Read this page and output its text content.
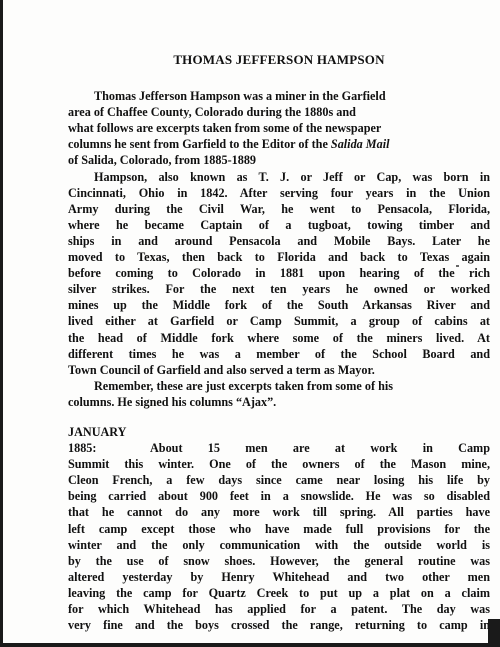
THOMAS JEFFERSON HAMPSON

Thomas Jefferson Hampson was a miner in the Garfield
area of Chaffee County, Colorado during the 1880s and
what follows are excerpts taken from some of the newspaper
columns he sent from Garfield to the Editor of the Salida Mail
of Salida, Colorado, from 1885-1889

Hampson, also known as T. J. or Jeff or Cap, was born in
Cincinnati, Ohio in 1842. After serving four years in the Union
Army during the Civil War, he went to Pensacola, Florida,
where he became Captain of a tugboat, towing timber and
ships in and around Pensacola and Mobile Bays. Later he
moved to Texas, then back to Florida and back to Texas again
before coming to Colorado in 1881 upon hearing of the rich
silver strikes. For the next ten years he owned or worked
mines up the Middle fork of the South Arkansas River and
lived either at Garfield or Camp Summit, a group of cabins at
the head of Middle fork where some of the miners lived. At
different times he was a member of the School Board and
Town Council of Garfield and also served a term as Mayor.

Remember, these are just excerpts taken from some of his
columns. He signed his columns “Ajax”.

JANUARY 1885:	About 15 men are at work in Camp
Summit this winter. One of the owners of the Mason mine,
Cleon French, a few days since came near losing his life by
being carried about 900 feet in a snowslide. He was so disabled
that he cannot do any more work till spring. All parties have
left camp except those who have made full provisions for the
winter and the only communication with the outside world is
by the use of snow shoes. However, the general routine was
altered yesterday by Henry Whitehead and two other men
leaving the camp for Quartz Creek to put up a plat on a claim
for which Whitehead has applied for a patent. The day was
very fine and the boys crossed the range, returning to camp in
